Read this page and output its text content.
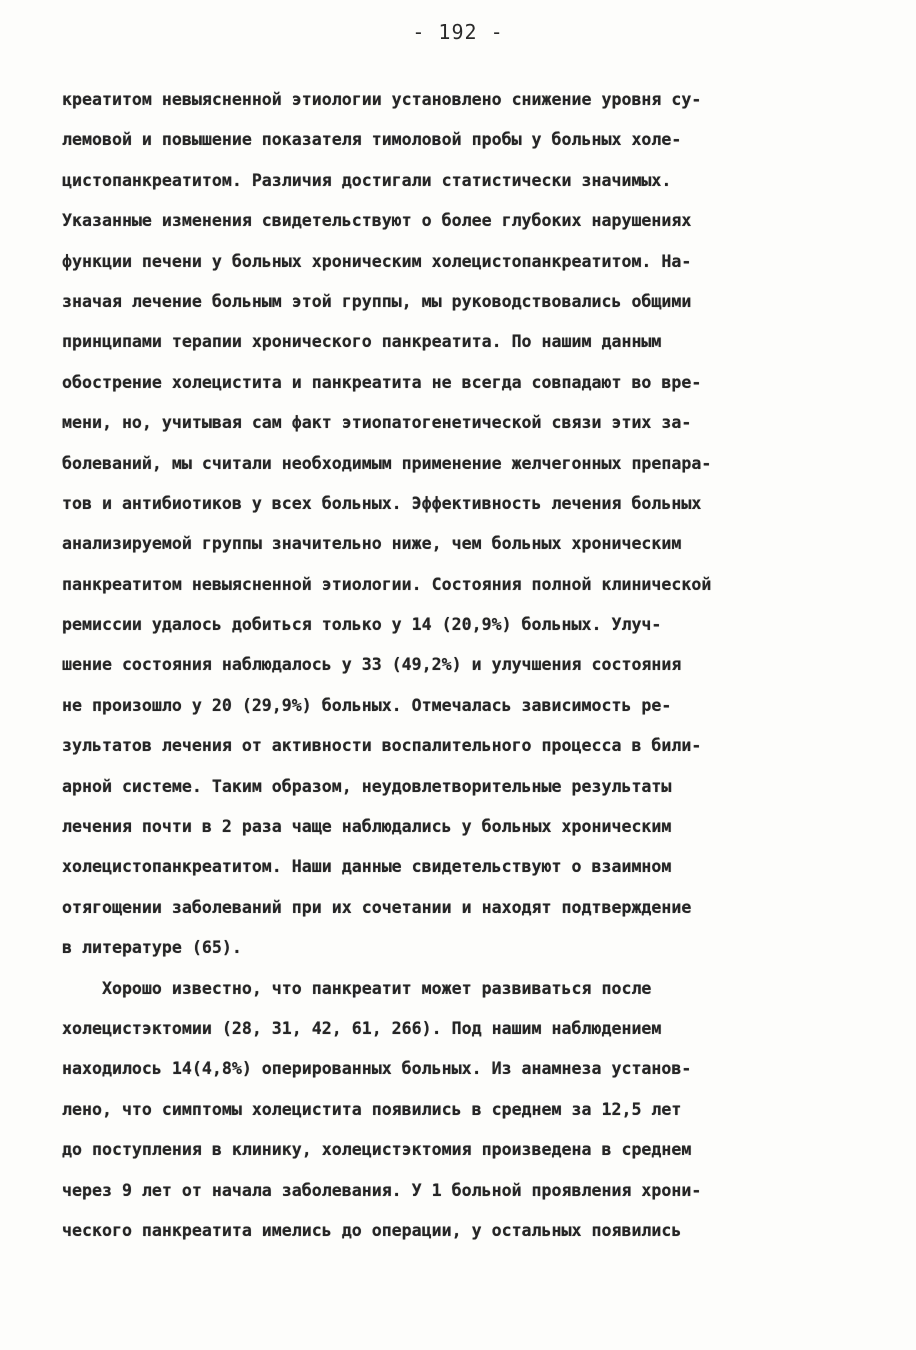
- 192 -
креатитом невыясненной этиологии установлено снижение уровня су-
лемовой и повышение показателя тимоловой пробы у больных холе-
цистопанкреатитом. Различия достигали статистически значимых.
Указанные изменения свидетельствуют о более глубоких нарушениях
функции печени у больных хроническим холецистопанкреатитом. На-
значая лечение больным этой группы, мы руководствовались общими
принципами терапии хронического панкреатита. По нашим данным
обострение холецистита и панкреатита не всегда совпадают во вре-
мени, но, учитывая сам факт этиопатогенетической связи этих за-
болеваний, мы считали необходимым применение желчегонных препара-
тов и антибиотиков у всех больных. Эффективность лечения больных
анализируемой группы значительно ниже, чем больных хроническим
панкреатитом невыясненной этиологии. Состояния полной клинической
ремиссии удалось добиться только у 14 (20,9%) больных. Улуч-
шение состояния наблюдалось у 33 (49,2%) и улучшения состояния
не произошло у 20 (29,9%) больных. Отмечалась зависимость ре-
зультатов лечения от активности воспалительного процесса в били-
арной системе. Таким образом, неудовлетворительные результаты
лечения почти в 2 раза чаще наблюдались у больных хроническим
холецистопанкреатитом. Наши данные свидетельствуют о взаимном
отягощении заболеваний при их сочетании и находят подтверждение
в литературе (65).
Хорошо известно, что панкреатит может развиваться после
холецистэктомии (28, 31, 42, 61, 266). Под нашим наблюдением
находилось 14(4,8%) оперированных больных. Из анамнеза установ-
лено, что симптомы холецистита появились в среднем за 12,5 лет
до поступления в клинику, холецистэктомия произведена в среднем
через 9 лет от начала заболевания. У 1 больной проявления хрони-
ческого панкреатита имелись до операции, у остальных появились
